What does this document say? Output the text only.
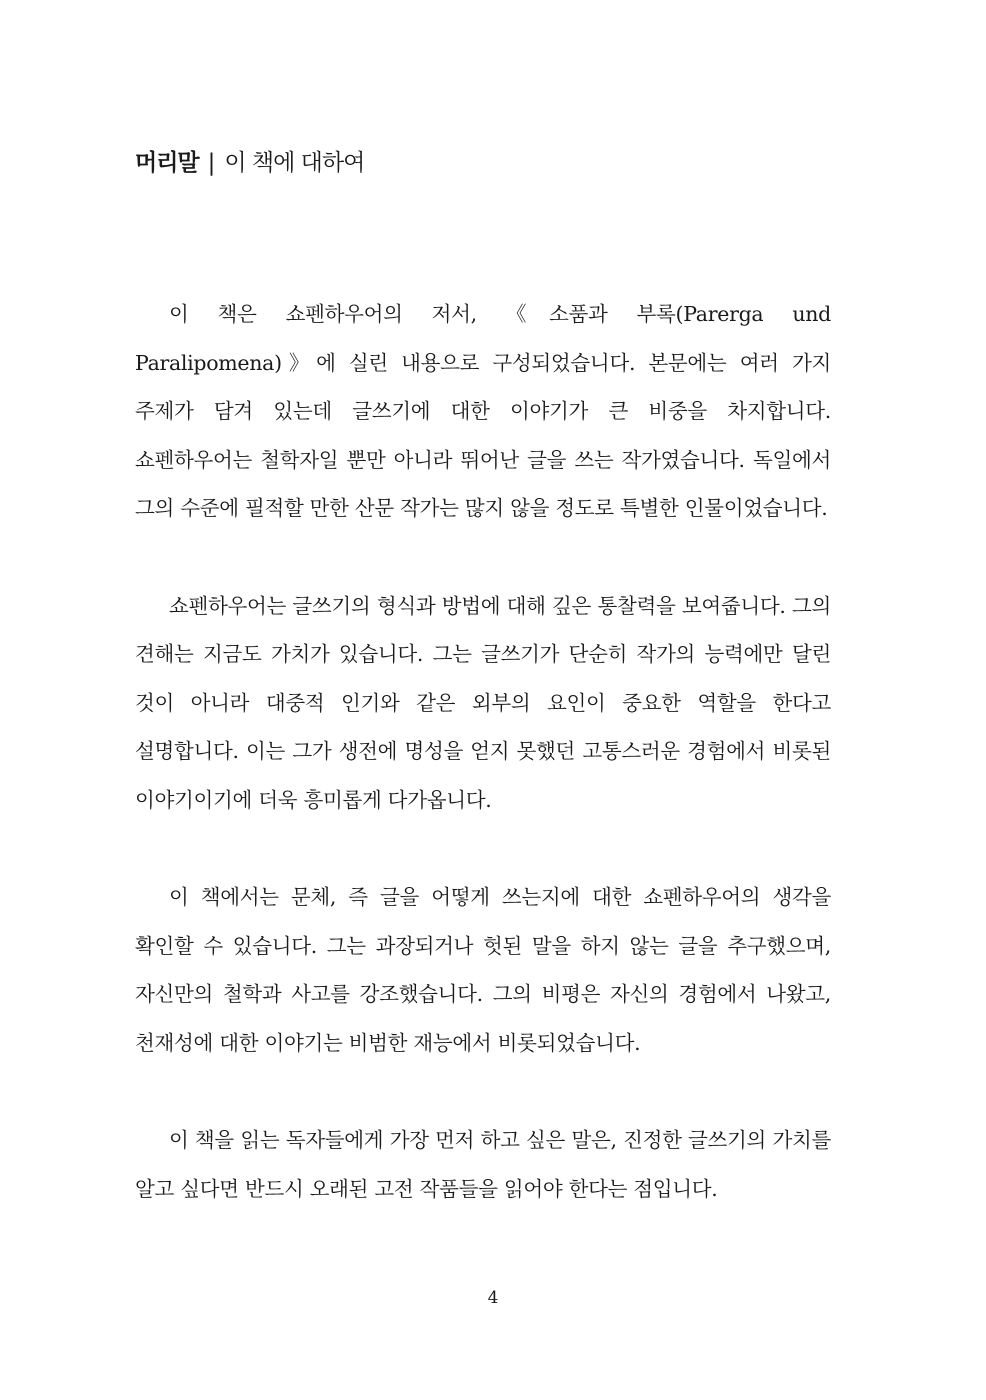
머리말 | 이 책에 대하여

이 책은 쇼펜하우어의 저서, 《소품과 부록(Parerga und Paralipomena)》에 실린 내용으로 구성되었습니다. 본문에는 여러 가지 주제가 담겨 있는데 글쓰기에 대한 이야기가 큰 비중을 차지합니다. 쇼펜하우어는 철학자일 뿐만 아니라 뛰어난 글을 쓰는 작가였습니다. 독일에서 그의 수준에 필적할 만한 산문 작가는 많지 않을 정도로 특별한 인물이었습니다.

쇼펜하우어는 글쓰기의 형식과 방법에 대해 깊은 통찰력을 보여줍니다. 그의 견해는 지금도 가치가 있습니다. 그는 글쓰기가 단순히 작가의 능력에만 달린 것이 아니라 대중적 인기와 같은 외부의 요인이 중요한 역할을 한다고 설명합니다. 이는 그가 생전에 명성을 얻지 못했던 고통스러운 경험에서 비롯된 이야기이기에 더욱 흥미롭게 다가옵니다.

이 책에서는 문체, 즉 글을 어떻게 쓰는지에 대한 쇼펜하우어의 생각을 확인할 수 있습니다. 그는 과장되거나 헛된 말을 하지 않는 글을 추구했으며, 자신만의 철학과 사고를 강조했습니다. 그의 비평은 자신의 경험에서 나왔고, 천재성에 대한 이야기는 비범한 재능에서 비롯되었습니다.

이 책을 읽는 독자들에게 가장 먼저 하고 싶은 말은, 진정한 글쓰기의 가치를 알고 싶다면 반드시 오래된 고전 작품들을 읽어야 한다는 점입니다.

4
